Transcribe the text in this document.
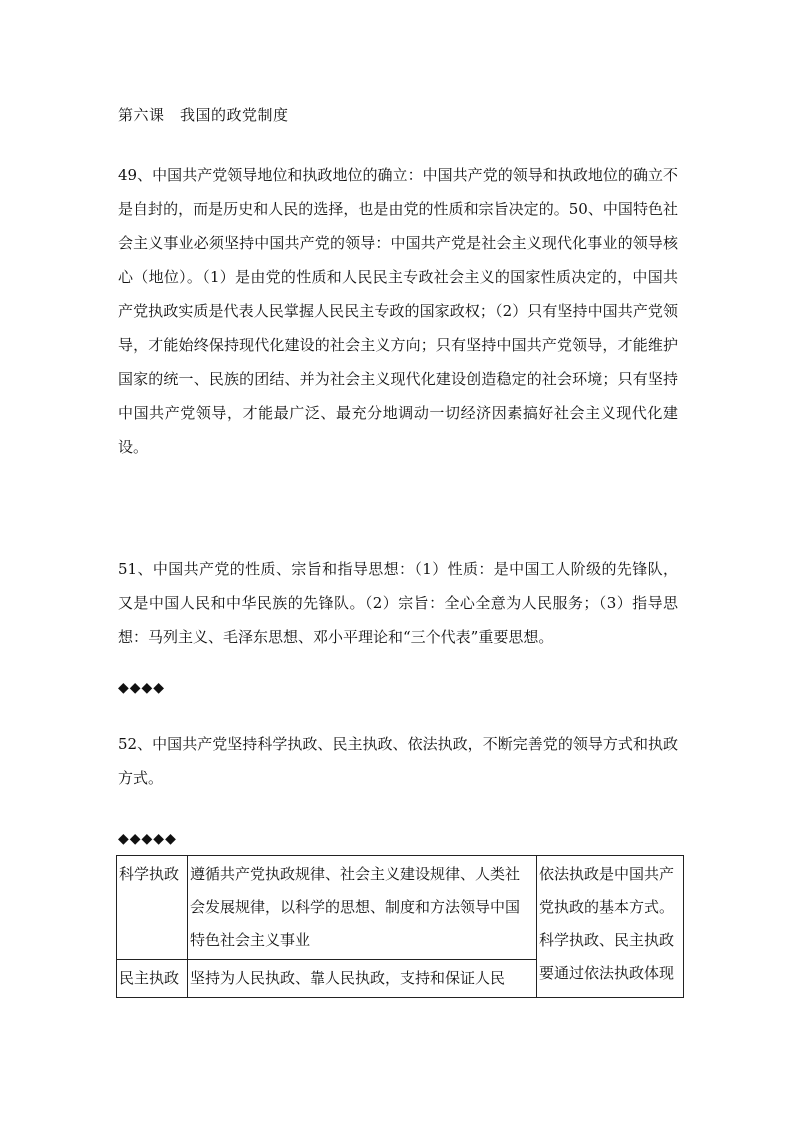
第六课　我国的政党制度

49、中国共产党领导地位和执政地位的确立：中国共产党的领导和执政地位的确立不是自封的，而是历史和人民的选择，也是由党的性质和宗旨决定的。50、中国特色社会主义事业必须坚持中国共产党的领导：中国共产党是社会主义现代化事业的领导核心（地位）。（1）是由党的性质和人民民主专政社会主义的国家性质决定的，中国共产党执政实质是代表人民掌握人民民主专政的国家政权；（2）只有坚持中国共产党领导，才能始终保持现代化建设的社会主义方向；只有坚持中国共产党领导，才能维护国家的统一、民族的团结、并为社会主义现代化建设创造稳定的社会环境；只有坚持中国共产党领导，才能最广泛、最充分地调动一切经济因素搞好社会主义现代化建设。

51、中国共产党的性质、宗旨和指导思想：（1）性质：是中国工人阶级的先锋队，又是中国人民和中华民族的先锋队。（2）宗旨：全心全意为人民服务；（3）指导思想：马列主义、毛泽东思想、邓小平理论和“三个代表”重要思想。

◆◆◆◆

52、中国共产党坚持科学执政、民主执政、依法执政，不断完善党的领导方式和执政方式。

◆◆◆◆◆
科学执政	遵循共产党执政规律、社会主义建设规律、人类社会发展规律，以科学的思想、制度和方法领导中国特色社会主义事业	依法执政是中国共产党执政的基本方式。科学执政、民主执政要通过依法执政体现
民主执政	坚持为人民执政、靠人民执政，支持和保证人民	
